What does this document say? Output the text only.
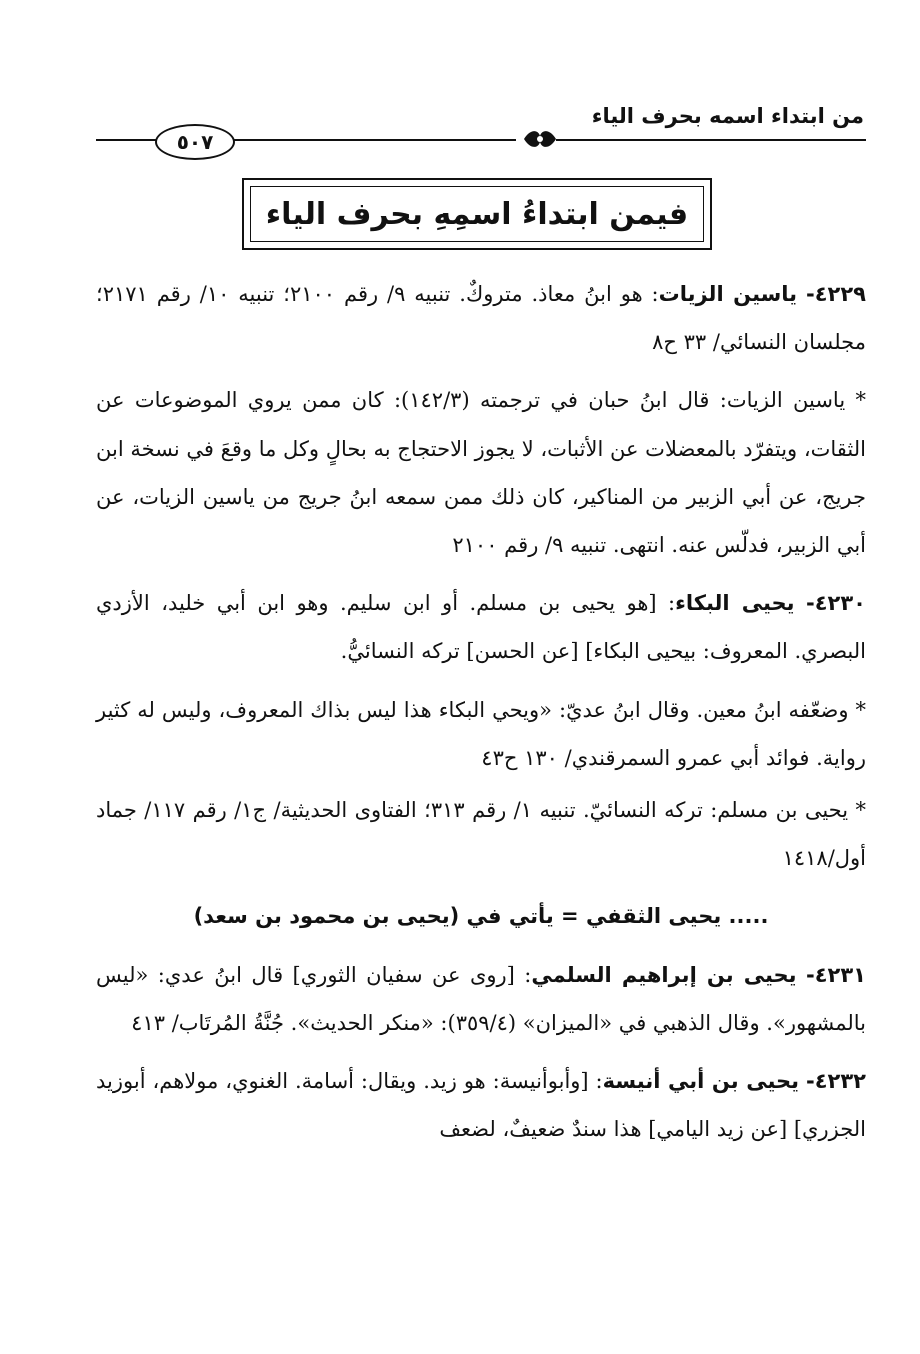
من ابتداء اسمه بحرف الياء
٥٠٧
فيمن ابتداءُ اسمِهِ بحرف الياء

٤٢٢٩- ياسين الزيات: هو ابنُ معاذ. متروكٌ. تنبيه ٩/ رقم ٢١٠٠؛ تنبيه ١٠/ رقم ٢١٧١؛ مجلسان النسائي/ ٣٣ ح٨

* ياسين الزيات: قال ابنُ حبان في ترجمته (١٤٢/٣): كان ممن يروي الموضوعات عن الثقات، ويتفرّد بالمعضلات عن الأثبات، لا يجوز الاحتجاج به بحالٍ وكل ما وقعَ في نسخة ابن جريج، عن أبي الزبير من المناكير، كان ذلك ممن سمعه ابنُ جريج من ياسين الزيات، عن أبي الزبير، فدلّس عنه. انتهى. تنبيه ٩/ رقم ٢١٠٠

٤٢٣٠- يحيى البكاء: [هو يحيى بن مسلم. أو ابن سليم. وهو ابن أبي خليد، الأزدي البصري. المعروف: بيحيى البكاء] [عن الحسن] تركه النسائيُّ.

* وضعّفه ابنُ معين. وقال ابنُ عديّ: «ويحي البكاء هذا ليس بذاك المعروف، وليس له كثير رواية. فوائد أبي عمرو السمرقندي/ ١٣٠ ح٤٣

* يحيى بن مسلم: تركه النسائيّ. تنبيه ١/ رقم ٣١٣؛ الفتاوى الحديثية/ ج١/ رقم ١١٧/ جماد أول/١٤١٨

..... يحيى الثقفي = يأتي في (يحيى بن محمود بن سعد)

٤٢٣١- يحيى بن إبراهيم السلمي: [روى عن سفيان الثوري] قال ابنُ عدي: «ليس بالمشهور». وقال الذهبي في «الميزان» (٣٥٩/٤): «منكر الحديث». جُنَّةُ المُرتَاب/ ٤١٣

٤٢٣٢- يحيى بن أبي أنيسة: [وأبوأنيسة: هو زيد. ويقال: أسامة. الغنوي، مولاهم، أبوزيد الجزري] [عن زيد اليامي] هذا سندٌ ضعيفٌ، لضعف
